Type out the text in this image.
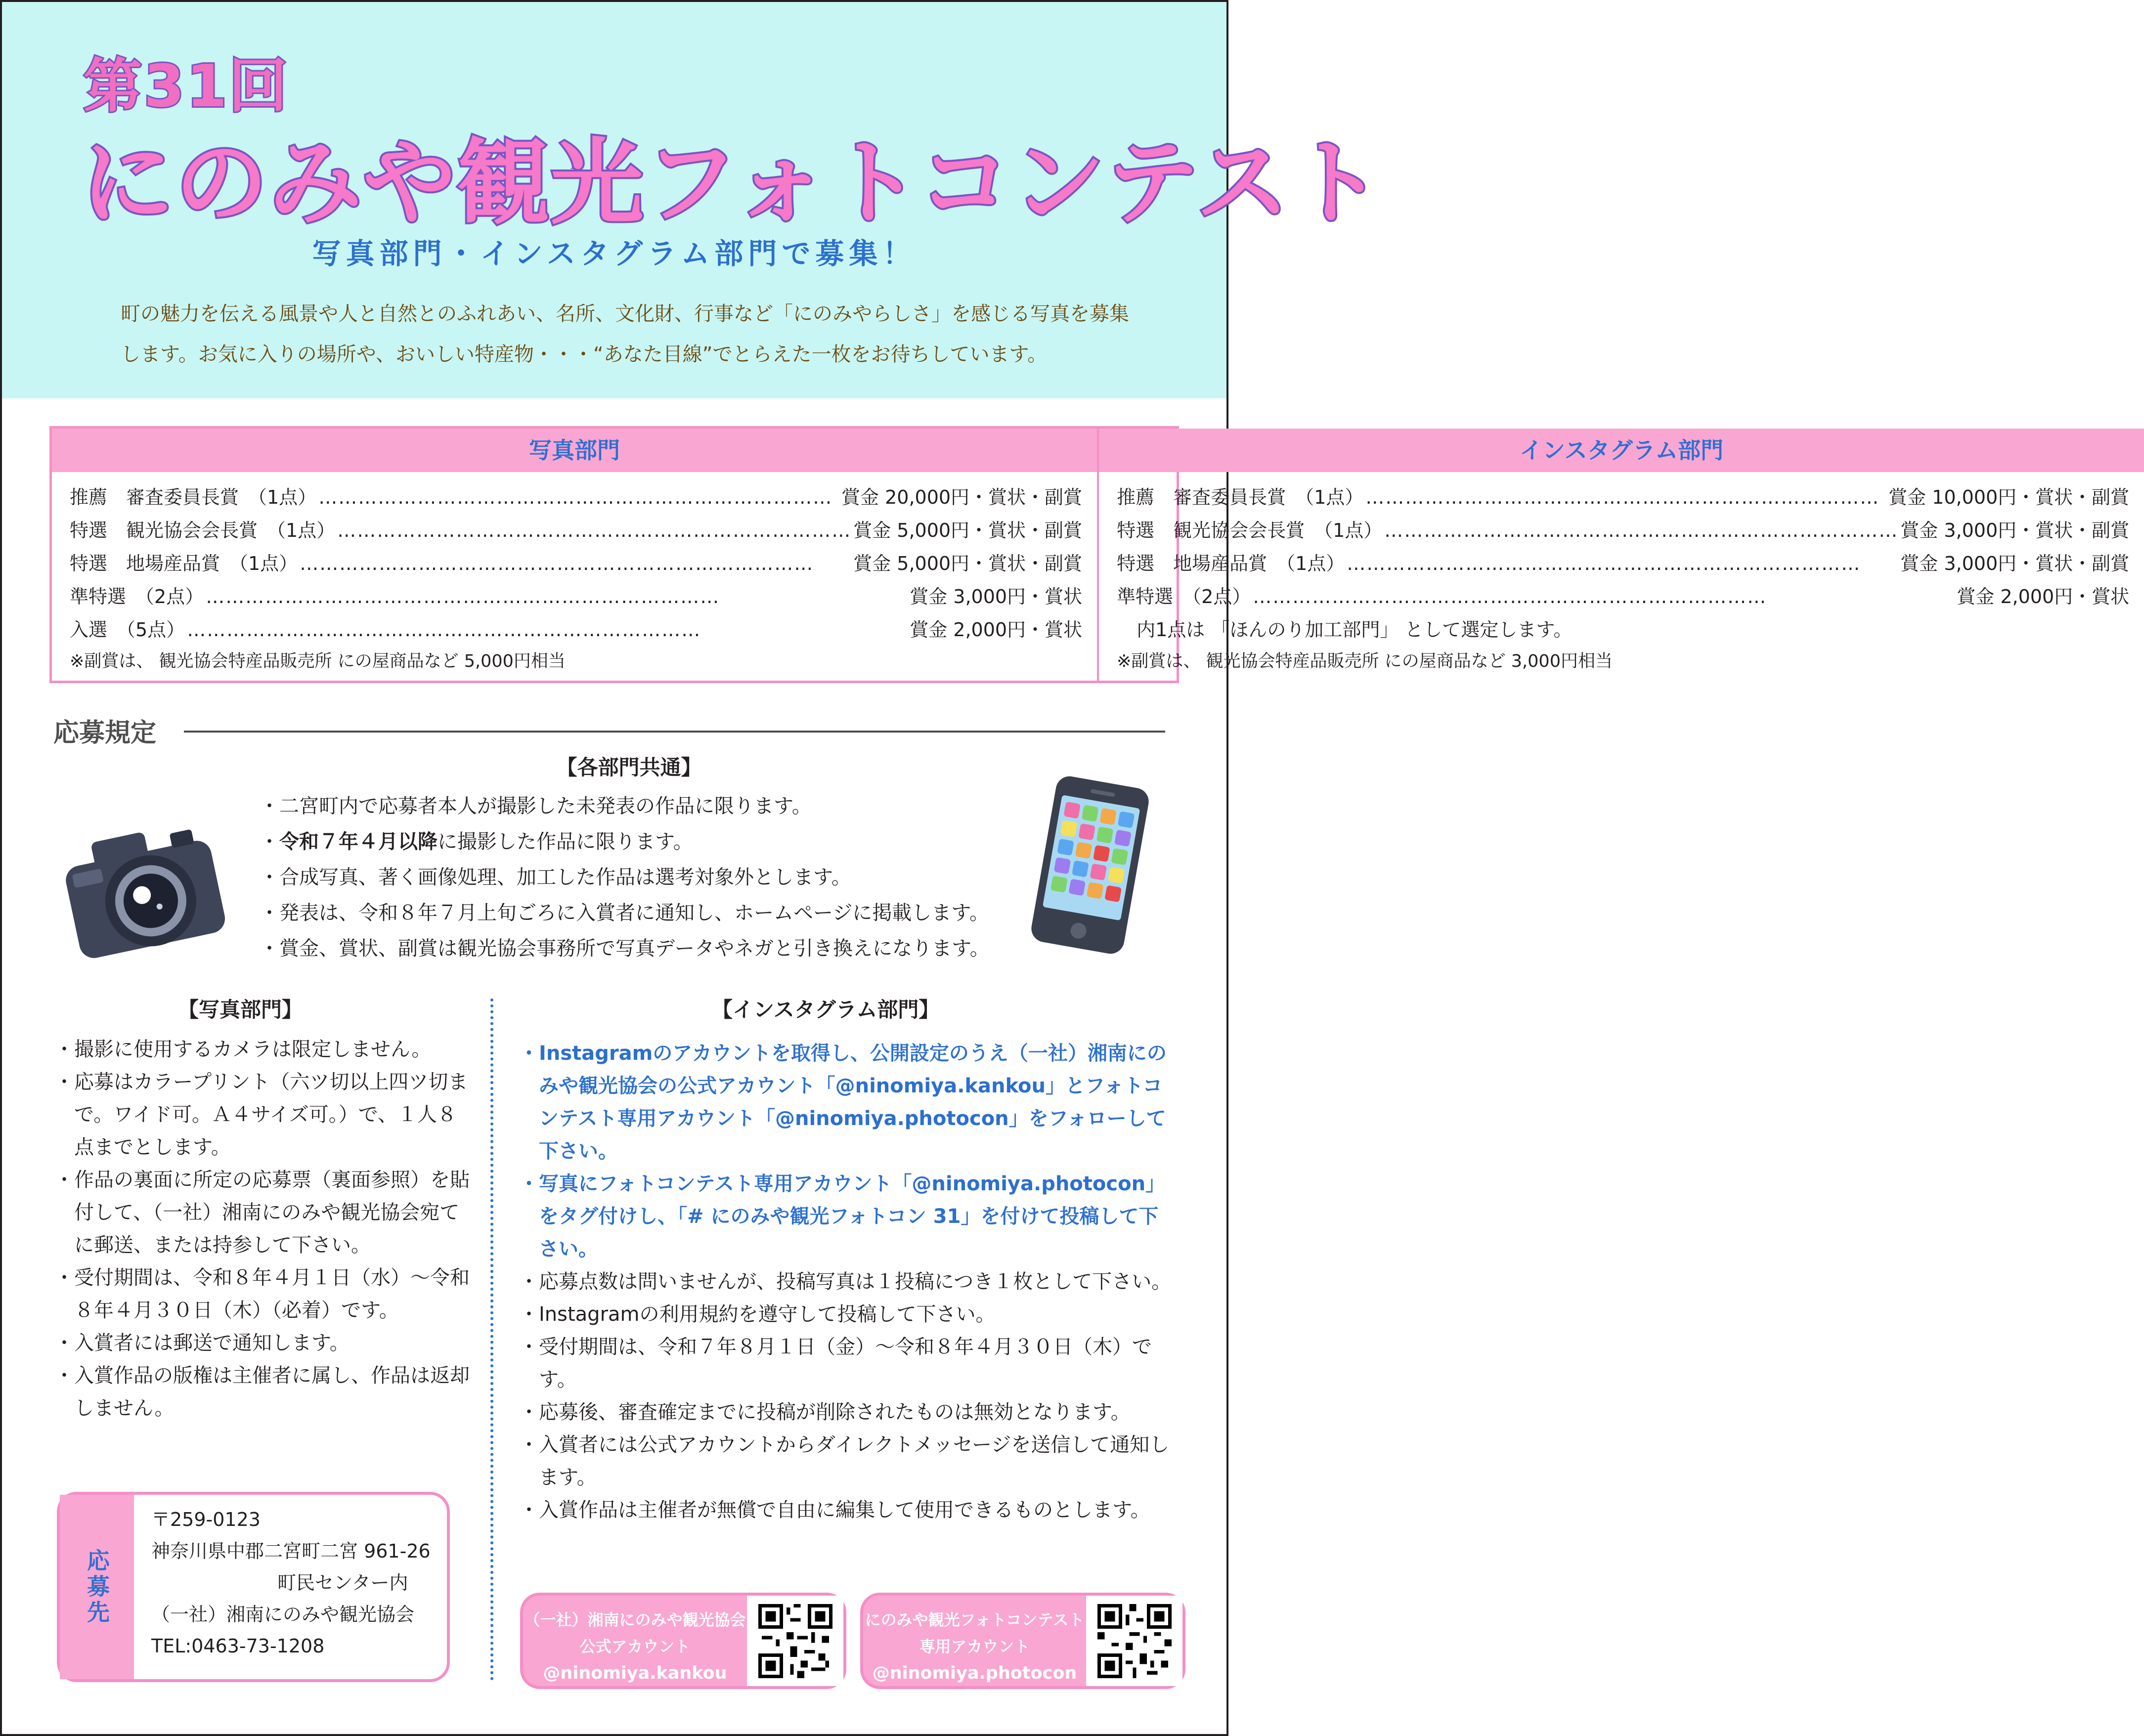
第31回
にのみや観光フォトコンテスト
写真部門・インスタグラム部門で募集！
町の魅力を伝える風景や人と自然とのふれあい、名所、文化財、行事など「にのみやらしさ」を感じる写真を募集
します。お気に入りの場所や、おいしい特産物・・・“あなた目線”でとらえた一枚をお待ちしています。
写真部門
推薦　審査委員長賞　（1点） …………………………………………………………………… 賞金 20,000円・賞状・副賞
特選　観光協会会長賞　（1点） …………………………………………………………………… 賞金 5,000円・賞状・副賞
特選　地場産品賞　（1点） ……………………………………………………………………	賞金 5,000円・賞状・副賞
準特選　（2点） ……………………………………………………………………	賞金 3,000円・賞状
入選　（5点） ……………………………………………………………………	賞金 2,000円・賞状
※副賞は、 観光協会特産品販売所 にの屋商品など 5,000円相当
インスタグラム部門
推薦　審査委員長賞　（1点） …………………………………………………………………… 賞金 10,000円・賞状・副賞
特選　観光協会会長賞　（1点） …………………………………………………………………… 賞金 3,000円・賞状・副賞
特選　地場産品賞　（1点） ……………………………………………………………………	賞金 3,000円・賞状・副賞
準特選　（2点） ……………………………………………………………………	賞金 2,000円・賞状
内1点は 「ほんのり加工部門」 として選定します。
※副賞は、 観光協会特産品販売所 にの屋商品など 3,000円相当
応募規定
【各部門共通】
・二宮町内で応募者本人が撮影した未発表の作品に限ります。
・令和７年４月以降に撮影した作品に限ります。
・合成写真、著く画像処理、加工した作品は選考対象外とします。
・発表は、令和８年７月上旬ごろに入賞者に通知し、ホームページに掲載します。
・賞金、賞状、副賞は観光協会事務所で写真データやネガと引き換えになります。
【写真部門】
・撮影に使用するカメラは限定しません。
・応募はカラープリント（六ツ切以上四ツ切まで。ワイド可。Ａ４サイズ可。）で、１人８点までとします。
・作品の裏面に所定の応募票（裏面参照）を貼付して、（一社）湘南にのみや観光協会宛てに郵送、または持参して下さい。
・受付期間は、令和８年４月１日（水）～令和８年４月３０日（木）（必着）です。
・入賞者には郵送で通知します。
・入賞作品の版権は主催者に属し、作品は返却しません。
【インスタグラム部門】
・Instagramのアカウントを取得し、公開設定のうえ（一社）湘南にのみや観光協会の公式アカウント「@ninomiya.kankou」とフォトコンテスト専用アカウント「@ninomiya.photocon」をフォローして下さい。
・写真にフォトコンテスト専用アカウント「@ninomiya.photocon」をタグ付けし、「# にのみや観光フォトコン 31」を付けて投稿して下さい。
・応募点数は問いませんが、投稿写真は１投稿につき１枚として下さい。
・Instagramの利用規約を遵守して投稿して下さい。
・受付期間は、令和７年８月１日（金）～令和８年４月３０日（木）です。
・応募後、審査確定までに投稿が削除されたものは無効となります。
・入賞者には公式アカウントからダイレクトメッセージを送信して通知します。
・入賞作品は主催者が無償で自由に編集して使用できるものとします。
応募先
〒259-0123
神奈川県中郡二宮町二宮 961-26
町民センター内
（一社）湘南にのみや観光協会
TEL:0463-73-1208
（一社）湘南にのみや観光協会
公式アカウント
@ninomiya.kankou
にのみや観光フォトコンテスト
専用アカウント
@ninomiya.photocon
